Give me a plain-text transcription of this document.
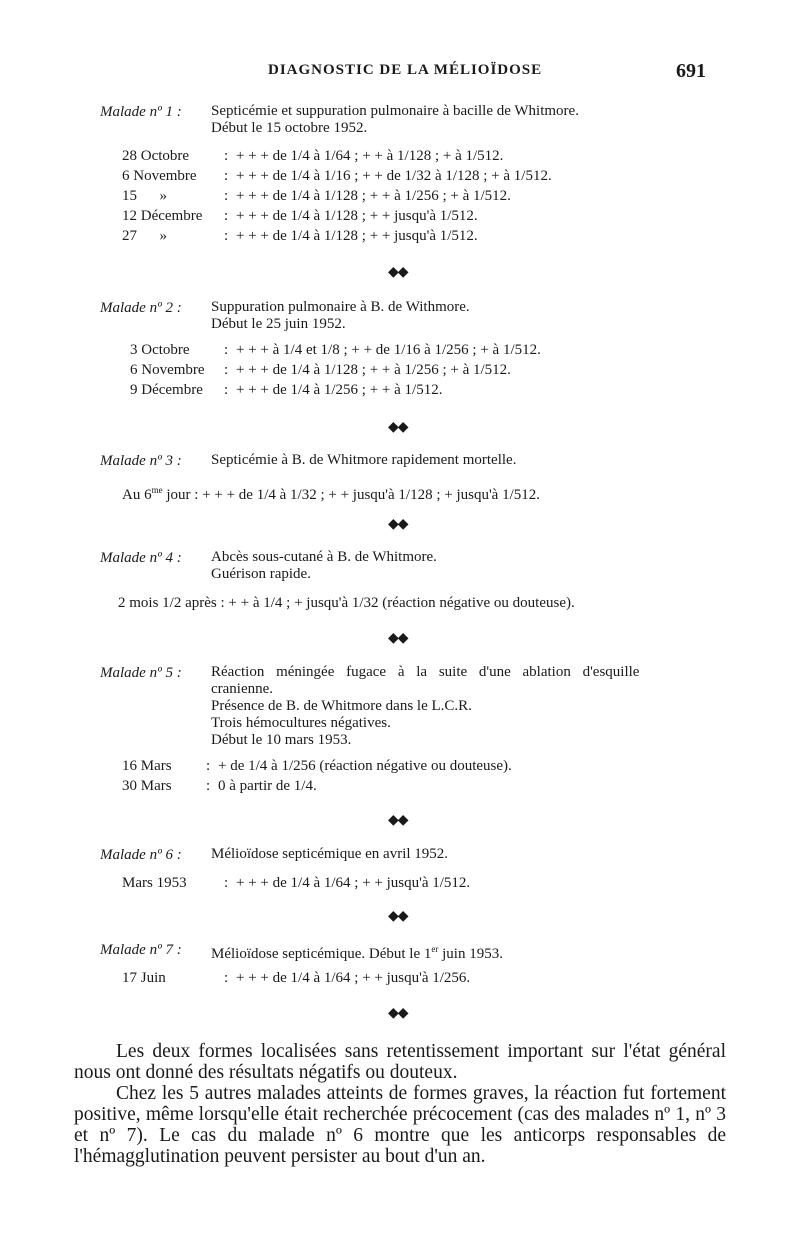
DIAGNOSTIC DE LA MÉLIOÏDOSE	691
Malade nº 1 : Septicémie et suppuration pulmonaire à bacille de Whitmore.
Début le 15 octobre 1952.
28 Octobre : + + + de 1/4 à 1/64 ; + + à 1/128 ; + à 1/512.
6 Novembre : + + + de 1/4 à 1/16 ; + + de 1/32 à 1/128 ; + à 1/512.
15      »	: + + + de 1/4 à 1/128 ; + + à 1/256 ; + à 1/512.
12 Décembre : + + + de 1/4 à 1/128 ; + + jusqu'à 1/512.
27      »	: + + + de 1/4 à 1/128 ; + + jusqu'à 1/512.
◆◆
Malade nº 2 : Suppuration pulmonaire à B. de Withmore.
Début le 25 juin 1952.
3 Octobre : + + + à 1/4 et 1/8 ; + + de 1/16 à 1/256 ; + à 1/512.
6 Novembre : + + + de 1/4 à 1/128 ; + + à 1/256 ; + à 1/512.
9 Décembre : + + + de 1/4 à 1/256 ; + + à 1/512.
◆◆
Malade nº 3 : Septicémie à B. de Whitmore rapidement mortelle.
Au $6^{me}$ jour : + + + de 1/4 à 1/32 ; + + jusqu'à 1/128 ; + jusqu'à 1/512.
◆◆
Malade nº 4 : Abcès sous-cutané à B. de Whitmore.
Guérison rapide.
2 mois 1/2 après : + + à 1/4 ; + jusqu'à 1/32 (réaction négative ou douteuse).
◆◆
Malade nº 5 : Réaction méningée fugace à la suite d'une ablation d'esquille
cranienne.
Présence de B. de Whitmore dans le L.C.R.
Trois hémocultures négatives.
Début le 10 mars 1953.
16 Mars : + de 1/4 à 1/256 (réaction négative ou douteuse).
30 Mars : 0 à partir de 1/4.
◆◆
Malade nº 6 : Mélioïdose septicémique en avril 1952.
Mars 1953 : + + + de 1/4 à 1/64 ; + + jusqu'à 1/512.
◆◆
Malade nº 7 : Mélioïdose septicémique. Début le 1er juin 1953.
17 Juin	: + + + de 1/4 à 1/64 ; + + jusqu'à 1/256.
◆◆

Les deux formes localisées sans retentissement important sur l'état général nous ont donné des résultats négatifs ou douteux.

Chez les 5 autres malades atteints de formes graves, la réaction fut fortement positive, même lorsqu'elle était recherchée précocement (cas des malades nº 1, nº 3 et nº 7). Le cas du malade nº 6 montre que les anticorps responsables de l'hémagglutination peuvent persister au bout d'un an.
